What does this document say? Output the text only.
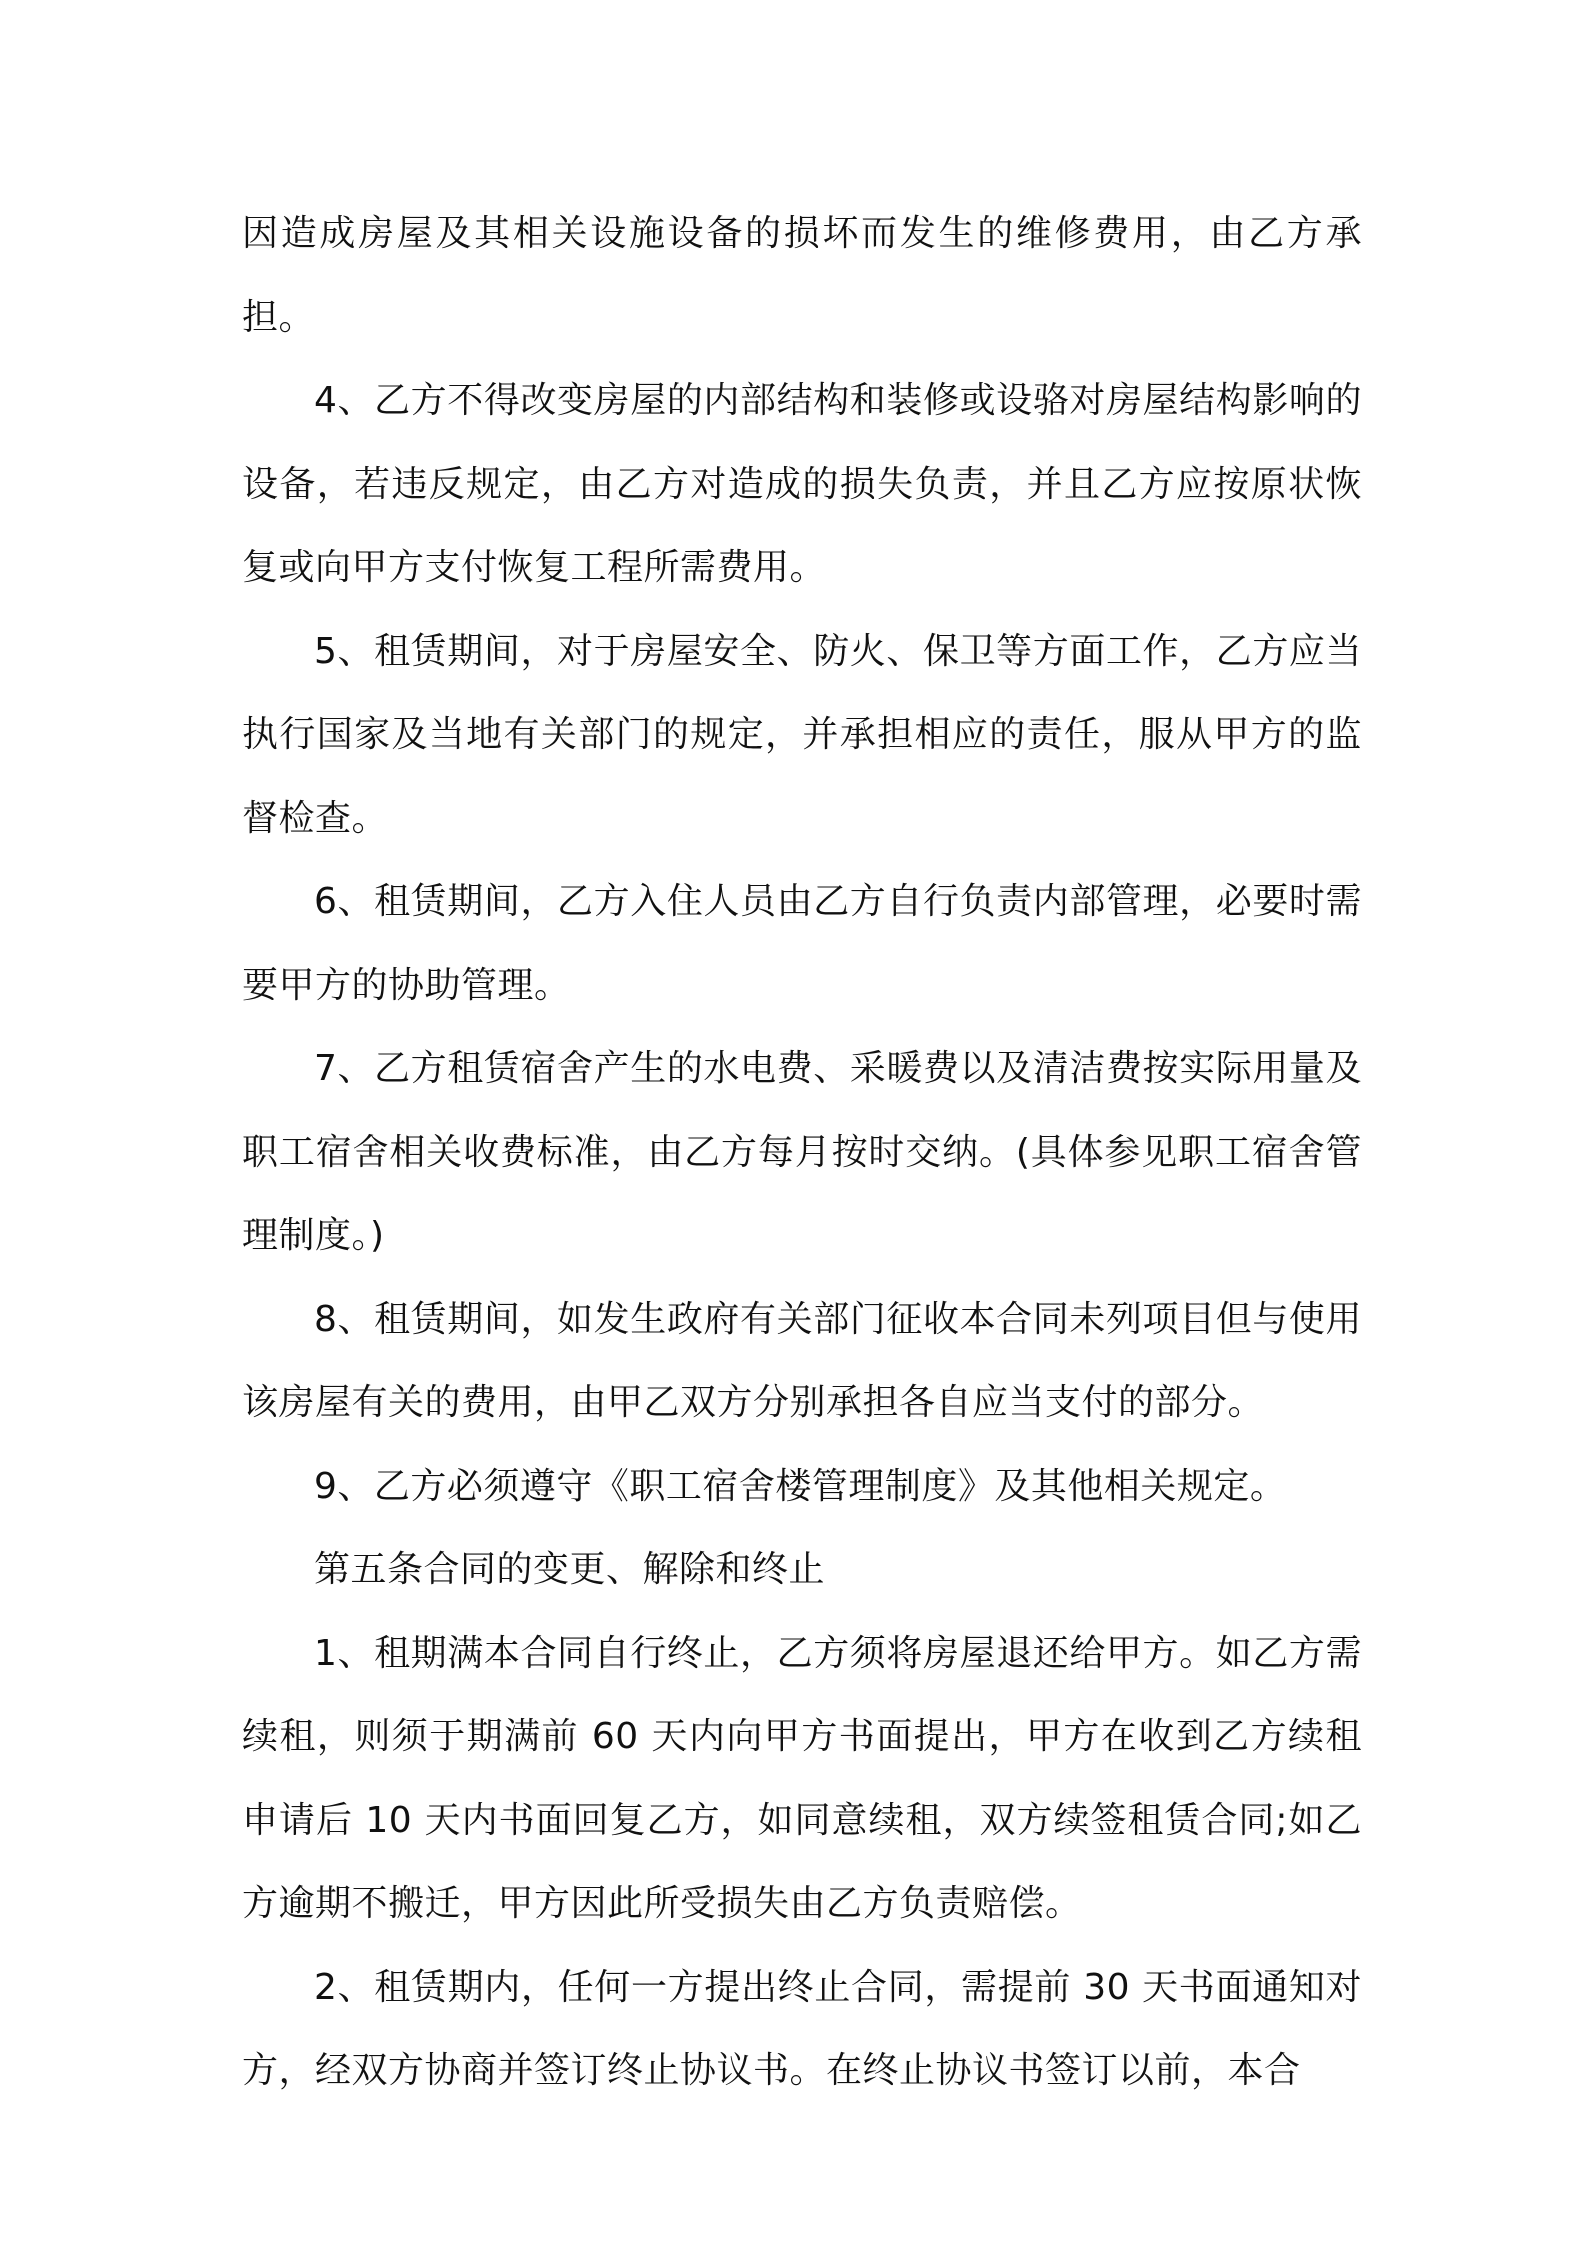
因造成房屋及其相关设施设备的损坏而发生的维修费用，由乙方承担。

4、乙方不得改变房屋的内部结构和装修或设骆对房屋结构影响的设备，若违反规定，由乙方对造成的损失负责，并且乙方应按原状恢复或向甲方支付恢复工程所需费用。

5、租赁期间，对于房屋安全、防火、保卫等方面工作，乙方应当执行国家及当地有关部门的规定，并承担相应的责任，服从甲方的监督检查。

6、租赁期间，乙方入住人员由乙方自行负责内部管理，必要时需要甲方的协助管理。

7、乙方租赁宿舍产生的水电费、采暖费以及清洁费按实际用量及职工宿舍相关收费标准，由乙方每月按时交纳。(具体参见职工宿舍管理制度。)

8、租赁期间，如发生政府有关部门征收本合同未列项目但与使用该房屋有关的费用，由甲乙双方分别承担各自应当支付的部分。

9、乙方必须遵守《职工宿舍楼管理制度》及其他相关规定。

第五条合同的变更、解除和终止

1、租期满本合同自行终止，乙方须将房屋退还给甲方。如乙方需续租，则须于期满前 60 天内向甲方书面提出，甲方在收到乙方续租申请后 10 天内书面回复乙方，如同意续租，双方续签租赁合同;如乙方逾期不搬迁，甲方因此所受损失由乙方负责赔偿。

2、租赁期内，任何一方提出终止合同，需提前 30 天书面通知对方，经双方协商并签订终止协议书。在终止协议书签订以前，本合
